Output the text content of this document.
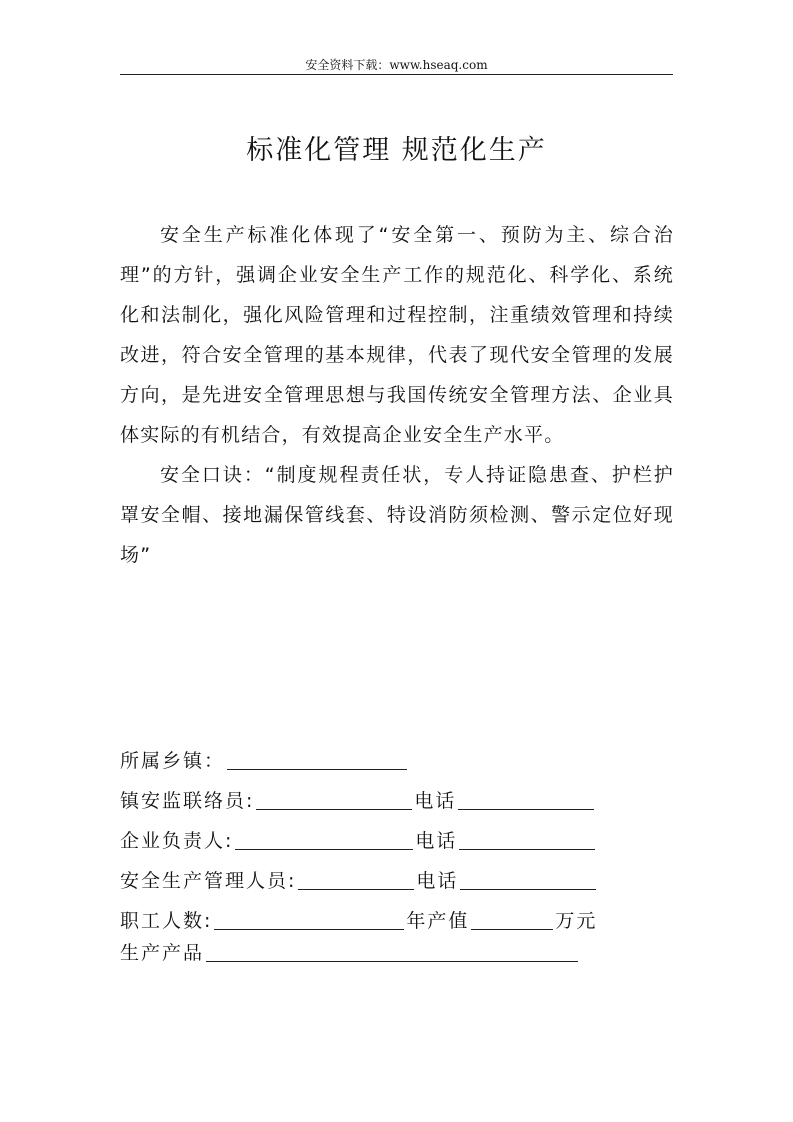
安全资料下载：www.hseaq.com
标准化管理 规范化生产

安全生产标准化体现了“安全第一、预防为主、综合治理”的方针，强调企业安全生产工作的规范化、科学化、系统化和法制化，强化风险管理和过程控制，注重绩效管理和持续改进，符合安全管理的基本规律，代表了现代安全管理的发展方向，是先进安全管理思想与我国传统安全管理方法、企业具体实际的有机结合，有效提高企业安全生产水平。

安全口诀：“制度规程责任状，专人持证隐患查、护栏护罩安全帽、接地漏保管线套、特设消防须检测、警示定位好现场”

所属乡镇：
镇安监联络员:	电话
企业负责人:	电话
安全生产管理人员:	电话
职工人数:	年产值	万元
生产产品
